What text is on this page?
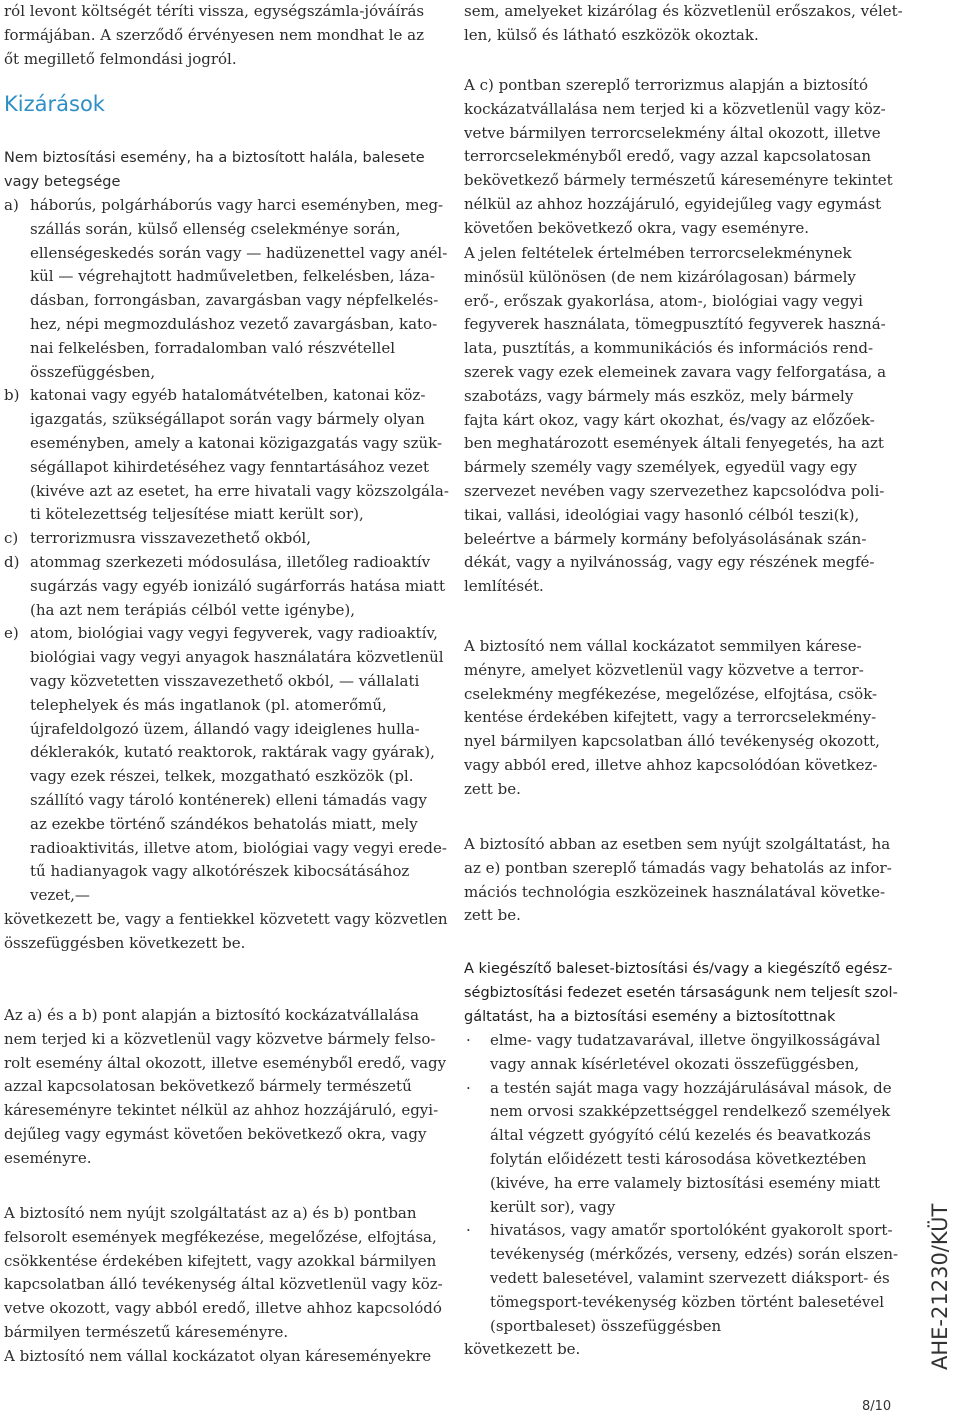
ról levont költségét téríti vissza, egységszámla-jóváírás
formájában. A szerződő érvényesen nem mondhat le az
őt megillető felmondási jogról.
Kizárások
Nem biztosítási esemény, ha a biztosított halála, balesete
vagy betegsége
a) háborús, polgárháborús vagy harci eseményben, meg-
szállás során, külső ellenség cselekménye során,
ellenségeskedés során vagy — hadüzenettel vagy anél-
kül — végrehajtott hadműveletben, felkelésben, láza-
dásban, forrongásban, zavargásban vagy népfelkelés-
hez, népi megmozduláshoz vezető zavargásban, kato-
nai felkelésben, forradalomban való részvétellel
összefüggésben,
b) katonai vagy egyéb hatalomátvételben, katonai köz-
igazgatás, szükségállapot során vagy bármely olyan
eseményben, amely a katonai közigazgatás vagy szük-
ségállapot kihirdetéséhez vagy fenntartásához vezet
(kivéve azt az esetet, ha erre hivatali vagy közszolgála-
ti kötelezettség teljesítése miatt került sor),
c) terrorizmusra visszavezethető okból,
d) atommag szerkezeti módosulása, illetőleg radioaktív
sugárzás vagy egyéb ionizáló sugárforrás hatása miatt
(ha azt nem terápiás célból vette igénybe),
e) atom, biológiai vagy vegyi fegyverek, vagy radioaktív,
biológiai vagy vegyi anyagok használatára közvetlenül
vagy közvetetten visszavezethető okból, — vállalati
telephelyek és más ingatlanok (pl. atomerőmű,
újrafeldolgozó üzem, állandó vagy ideiglenes hulla-
déklerakók, kutató reaktorok, raktárak vagy gyárak),
vagy ezek részei, telkek, mozgatható eszközök (pl.
szállító vagy tároló konténerek) elleni támadás vagy
az ezekbe történő szándékos behatolás miatt, mely
radioaktivitás, illetve atom, biológiai vagy vegyi erede-
tű hadianyagok vagy alkotórészek kibocsátásához
vezet,—
következett be, vagy a fentiekkel közvetett vagy közvetlen
összefüggésben következett be.
Az a) és a b) pont alapján a biztosító kockázatvállalása
nem terjed ki a közvetlenül vagy közvetve bármely felso-
rolt esemény által okozott, illetve eseményből eredő, vagy
azzal kapcsolatosan bekövetkező bármely természetű
káreseményre tekintet nélkül az ahhoz hozzájáruló, egyi-
dejűleg vagy egymást követően bekövetkező okra, vagy
eseményre.
A biztosító nem nyújt szolgáltatást az a) és b) pontban
felsorolt események megfékezése, megelőzése, elfojtása,
csökkentése érdekében kifejtett, vagy azokkal bármilyen
kapcsolatban álló tevékenység által közvetlenül vagy köz-
vetve okozott, vagy abból eredő, illetve ahhoz kapcsolódó
bármilyen természetű káreseményre.
A biztosító nem vállal kockázatot olyan káreseményekre
sem, amelyeket kizárólag és közvetlenül erőszakos, vélet-
len, külső és látható eszközök okoztak.
A c) pontban szereplő terrorizmus alapján a biztosító
kockázatvállalása nem terjed ki a közvetlenül vagy köz-
vetve bármilyen terrorcselekmény által okozott, illetve
terrorcselekményből eredő, vagy azzal kapcsolatosan
bekövetkező bármely természetű káreseményre tekintet
nélkül az ahhoz hozzájáruló, egyidejűleg vagy egymást
követően bekövetkező okra, vagy eseményre.
A jelen feltételek értelmében terrorcselekménynek
minősül különösen (de nem kizárólagosan) bármely
erő-, erőszak gyakorlása, atom-, biológiai vagy vegyi
fegyverek használata, tömegpusztító fegyverek haszná-
lata, pusztítás, a kommunikációs és információs rend-
szerek vagy ezek elemeinek zavara vagy felforgatása, a
szabotázs, vagy bármely más eszköz, mely bármely
fajta kárt okoz, vagy kárt okozhat, és/vagy az előzőek-
ben meghatározott események általi fenyegetés, ha azt
bármely személy vagy személyek, egyedül vagy egy
szervezet nevében vagy szervezethez kapcsolódva poli-
tikai, vallási, ideológiai vagy hasonló célból teszi(k),
beleértve a bármely kormány befolyásolásának szán-
dékát, vagy a nyilvánosság, vagy egy részének megfé-
lemlítését.
A biztosító nem vállal kockázatot semmilyen kárese-
ményre, amelyet közvetlenül vagy közvetve a terror-
cselekmény megfékezése, megelőzése, elfojtása, csök-
kentése érdekében kifejtett, vagy a terrorcselekmény-
nyel bármilyen kapcsolatban álló tevékenység okozott,
vagy abból ered, illetve ahhoz kapcsolódóan következ-
zett be.
A biztosító abban az esetben sem nyújt szolgáltatást, ha
az e) pontban szereplő támadás vagy behatolás az infor-
mációs technológia eszközeinek használatával követke-
zett be.
A kiegészítő baleset-biztosítási és/vagy a kiegészítő egész-
ségbiztosítási fedezet esetén társaságunk nem teljesít szol-
gáltatást, ha a biztosítási esemény a biztosítottnak
· elme- vagy tudatzavarával, illetve öngyilkosságával
vagy annak kísérletével okozati összefüggésben,
· a testén saját maga vagy hozzájárulásával mások, de
nem orvosi szakképzettséggel rendelkező személyek
által végzett gyógyító célú kezelés és beavatkozás
folytán előidézett testi károsodása következtében
(kivéve, ha erre valamely biztosítási esemény miatt
került sor), vagy
· hivatásos, vagy amatőr sportolóként gyakorolt sport-
tevékenység (mérkőzés, verseny, edzés) során elszen-
vedett balesetével, valamint szervezett diáksport- és
tömegsport-tevékenység közben történt balesetével
(sportbaleset) összefüggésben
következett be.	AHE-21230/KÜT
8/10
